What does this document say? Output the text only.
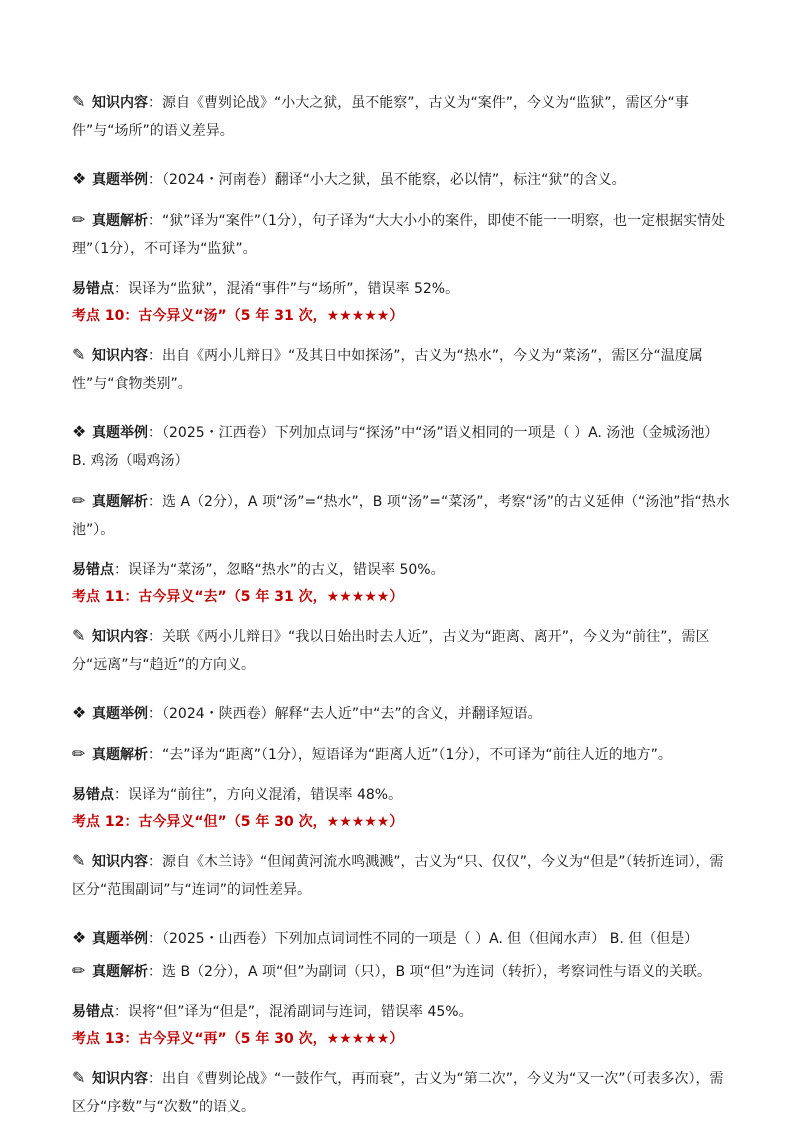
✎ 知识内容：源自《曹刿论战》“小大之狱，虽不能察”，古义为“案件”，今义为“监狱”，需区分“事件”与“场所”的语义差异。

❖ 真题举例：（2024・河南卷）翻译“小大之狱，虽不能察，必以情”，标注“狱”的含义。

✏ 真题解析：“狱”译为“案件”（1分），句子译为“大大小小的案件，即使不能一一明察，也一定根据实情处理”（1分），不可译为“监狱”。

易错点：误译为“监狱”，混淆“事件”与“场所”，错误率 52%。

考点 10：古今异义“汤”（5 年 31 次，★★★★★）

✎ 知识内容：出自《两小儿辩日》“及其日中如探汤”，古义为“热水”，今义为“菜汤”，需区分“温度属性”与“食物类别”。

❖ 真题举例：（2025・江西卷）下列加点词与“探汤”中“汤”语义相同的一项是（ ）A. 汤池（金城汤池） B. 鸡汤（喝鸡汤）

✏ 真题解析：选 A（2分），A 项“汤”=“热水”，B 项“汤”=“菜汤”，考察“汤”的古义延伸（“汤池”指“热水池”）。

易错点：误译为“菜汤”，忽略“热水”的古义，错误率 50%。

考点 11：古今异义“去”（5 年 31 次，★★★★★）

✎ 知识内容：关联《两小儿辩日》“我以日始出时去人近”，古义为“距离、离开”，今义为“前往”，需区分“远离”与“趋近”的方向义。

❖ 真题举例：（2024・陕西卷）解释“去人近”中“去”的含义，并翻译短语。

✏ 真题解析：“去”译为“距离”（1分），短语译为“距离人近”（1分），不可译为“前往人近的地方”。

易错点：误译为“前往”，方向义混淆，错误率 48%。

考点 12：古今异义“但”（5 年 30 次，★★★★★）

✎ 知识内容：源自《木兰诗》“但闻黄河流水鸣溅溅”，古义为“只、仅仅”，今义为“但是”（转折连词），需区分“范围副词”与“连词”的词性差异。

❖ 真题举例：（2025・山西卷）下列加点词词性不同的一项是（ ）A. 但（但闻水声） B. 但（但是）

✏ 真题解析：选 B（2分），A 项“但”为副词（只），B 项“但”为连词（转折），考察词性与语义的关联。

易错点：误将“但”译为“但是”，混淆副词与连词，错误率 45%。

考点 13：古今异义“再”（5 年 30 次，★★★★★）

✎ 知识内容：出自《曹刿论战》“一鼓作气，再而衰”，古义为“第二次”，今义为“又一次”（可表多次），需区分“序数”与“次数”的语义。
